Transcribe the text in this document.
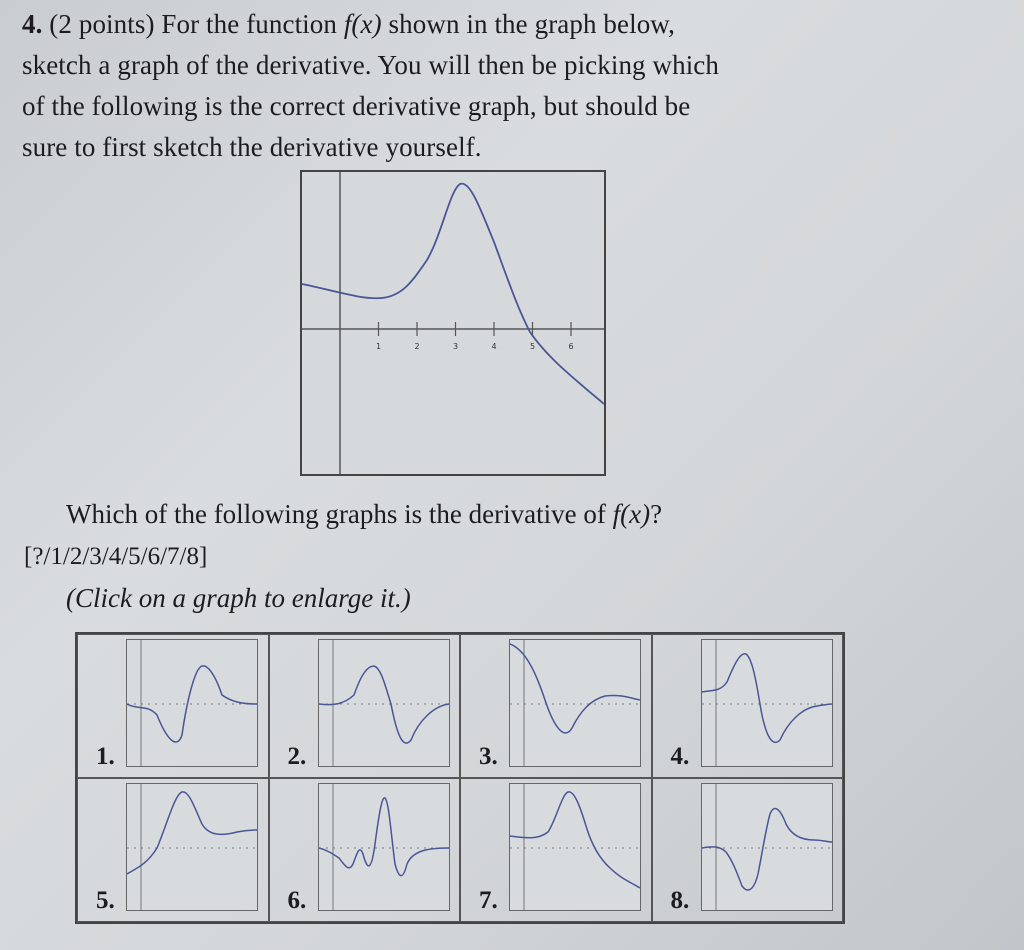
4. (2 points) For the function f(x) shown in the graph below,
sketch a graph of the derivative. You will then be picking which
of the following is the correct derivative graph, but should be
sure to first sketch the derivative yourself.
1	2	3	4	5	6
Which of the following graphs is the derivative of f(x)?
[?/1/2/3/4/5/6/7/8]
(Click on a graph to enlarge it.)
1.	2.	3.	4.
5.	6.	7.	8.
